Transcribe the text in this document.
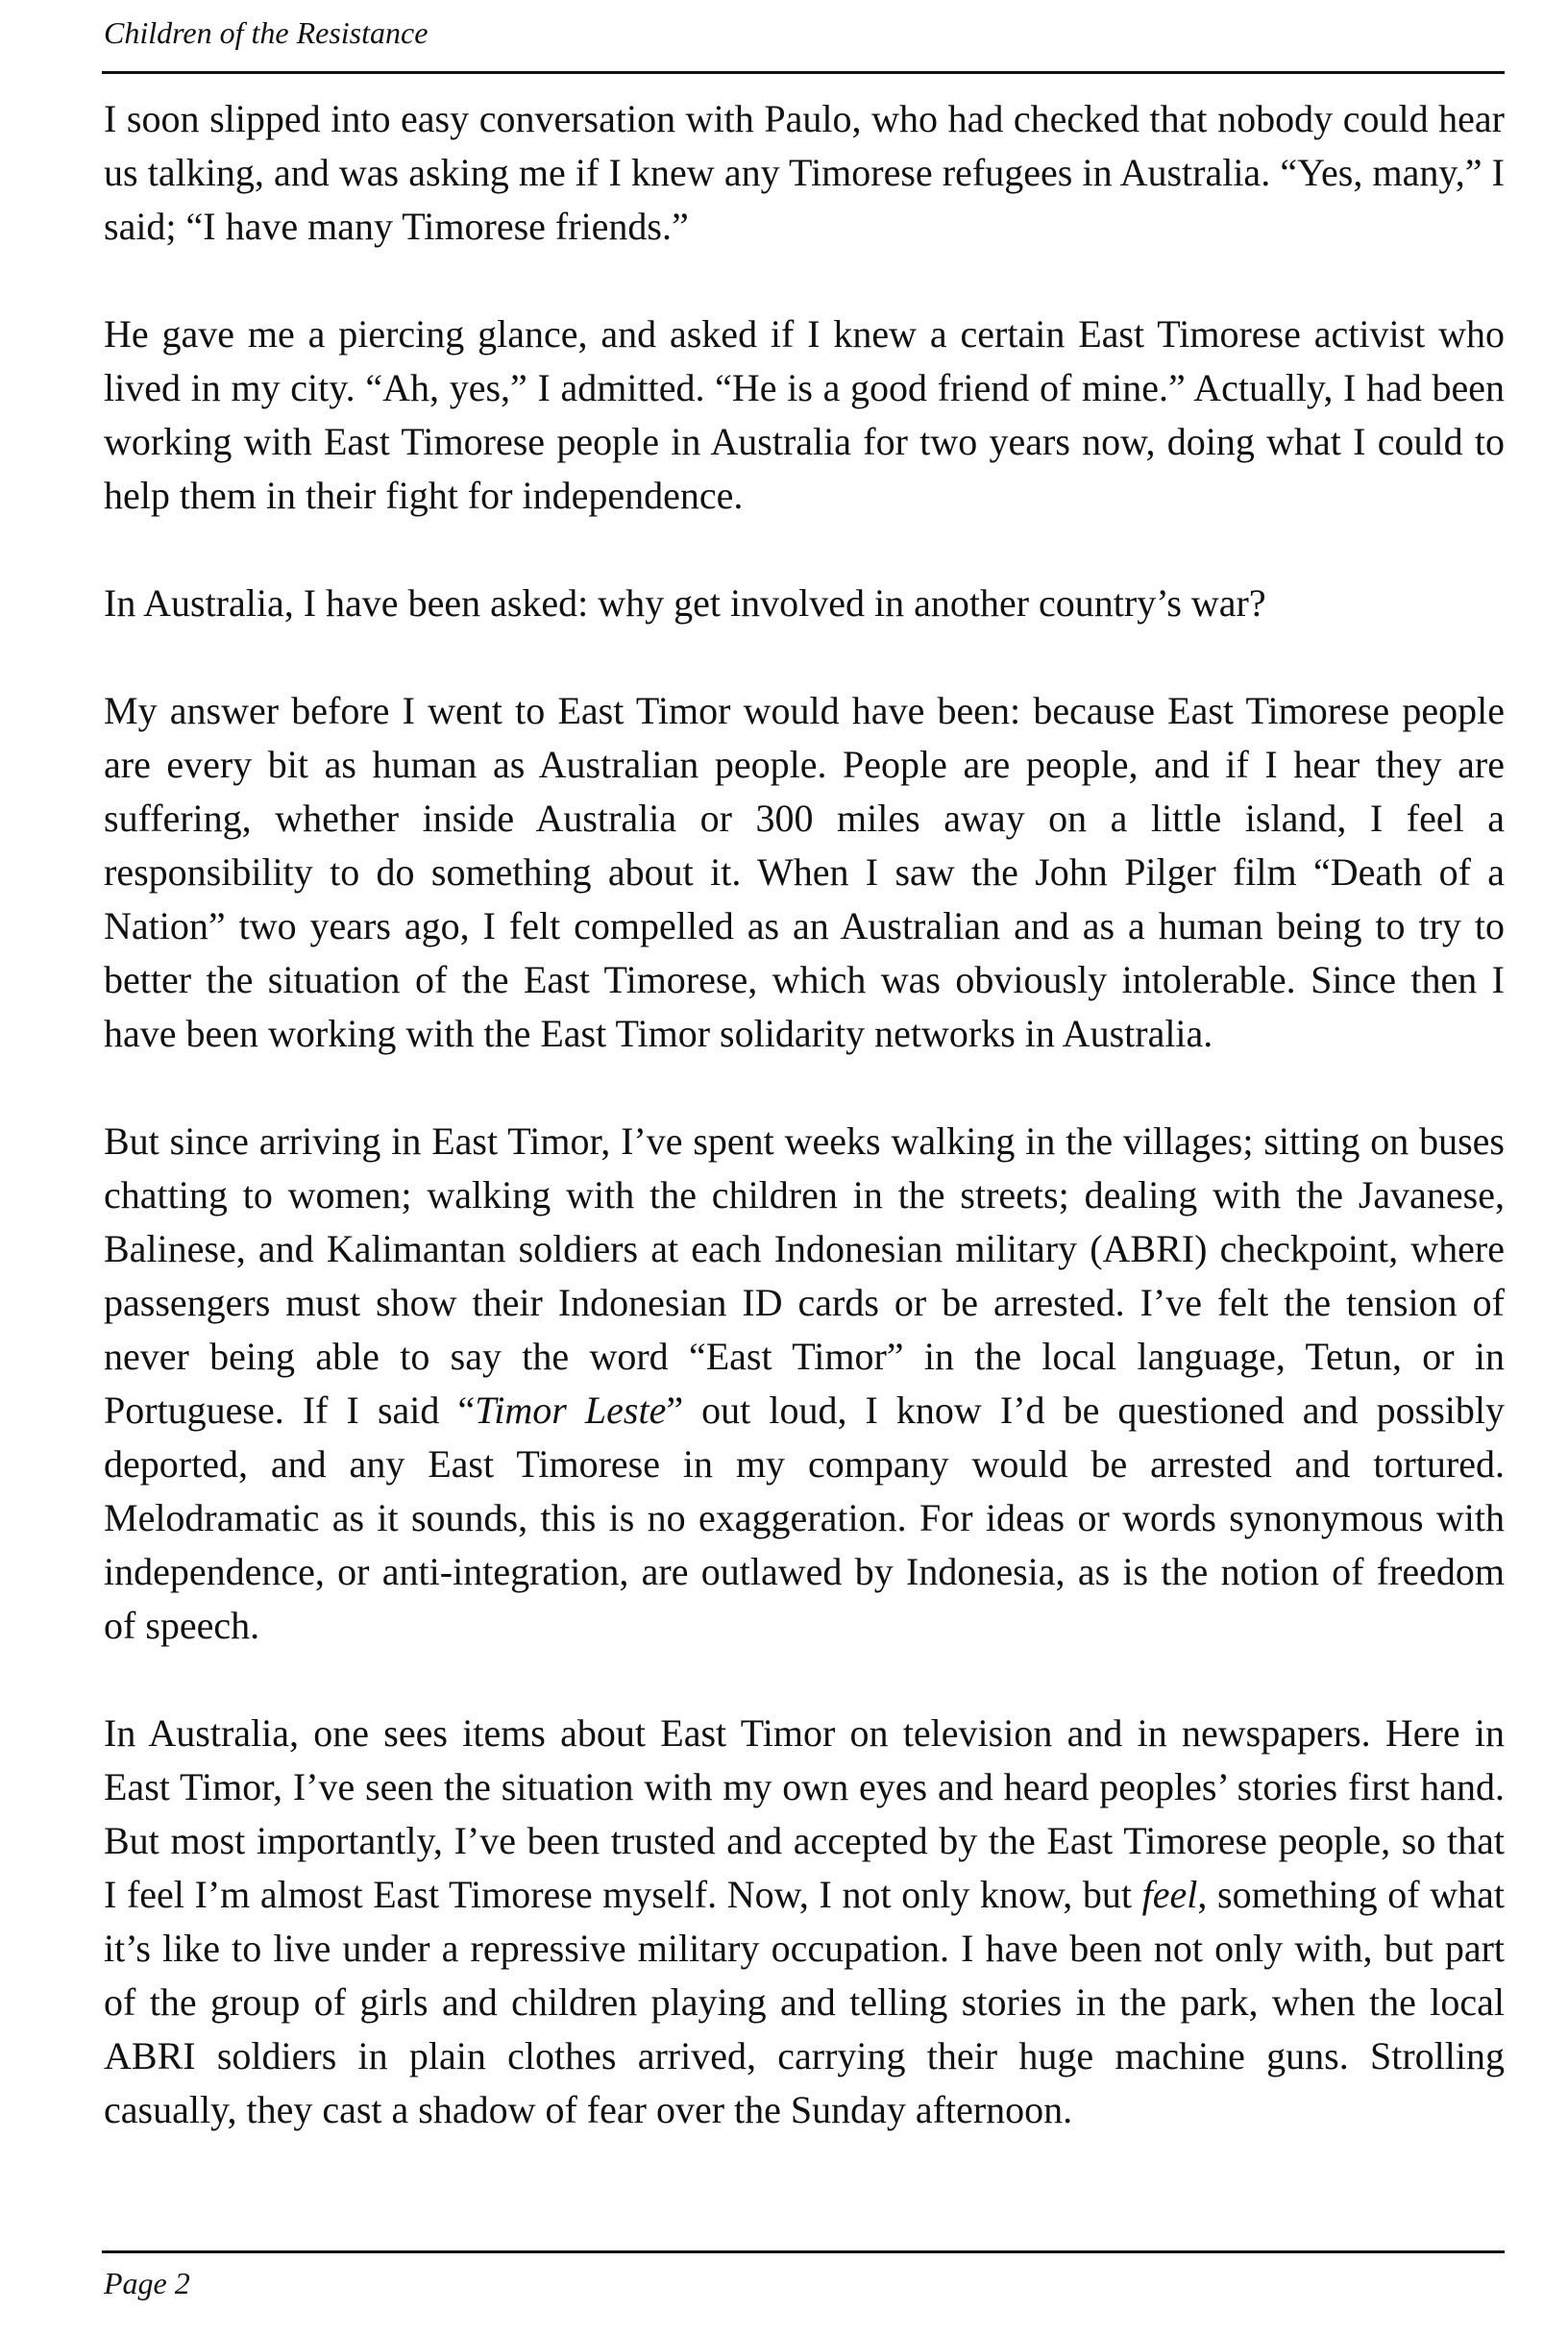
Children of the Resistance

I soon slipped into easy conversation with Paulo, who had checked that nobody could hear us talking, and was asking me if I knew any Timorese refugees in Australia. “Yes, many,” I said; “I have many Timorese friends.”

He gave me a piercing glance, and asked if I knew a certain East Timorese activist who lived in my city. “Ah, yes,” I admitted. “He is a good friend of mine.” Actually, I had been working with East Timorese people in Australia for two years now, doing what I could to help them in their fight for independence.

In Australia, I have been asked: why get involved in another country’s war?

My answer before I went to East Timor would have been: because East Timorese people are every bit as human as Australian people. People are people, and if I hear they are suffering, whether inside Australia or 300 miles away on a little island, I feel a responsibility to do something about it. When I saw the John Pilger film “Death of a Nation” two years ago, I felt compelled as an Australian and as a human being to try to better the situation of the East Timorese, which was obviously intolerable. Since then I have been working with the East Timor solidarity networks in Australia.

But since arriving in East Timor, I’ve spent weeks walking in the villages; sitting on buses chatting to women; walking with the children in the streets; dealing with the Javanese, Balinese, and Kalimantan soldiers at each Indonesian military (ABRI) checkpoint, where passengers must show their Indonesian ID cards or be arrested. I’ve felt the tension of never being able to say the word “East Timor” in the local language, Tetun, or in Portuguese. If I said “Timor Leste” out loud, I know I’d be questioned and possibly deported, and any East Timorese in my company would be arrested and tortured. Melodramatic as it sounds, this is no exaggeration. For ideas or words synonymous with independence, or anti-integration, are outlawed by Indonesia, as is the notion of freedom of speech.

In Australia, one sees items about East Timor on television and in newspapers. Here in East Timor, I’ve seen the situation with my own eyes and heard peoples’ stories first hand. But most importantly, I’ve been trusted and accepted by the East Timorese people, so that I feel I’m almost East Timorese myself. Now, I not only know, but feel, something of what it’s like to live under a repressive military occupation. I have been not only with, but part of the group of girls and children playing and telling stories in the park, when the local ABRI soldiers in plain clothes arrived, carrying their huge machine guns. Strolling casually, they cast a shadow of fear over the Sunday afternoon.

Page 2
